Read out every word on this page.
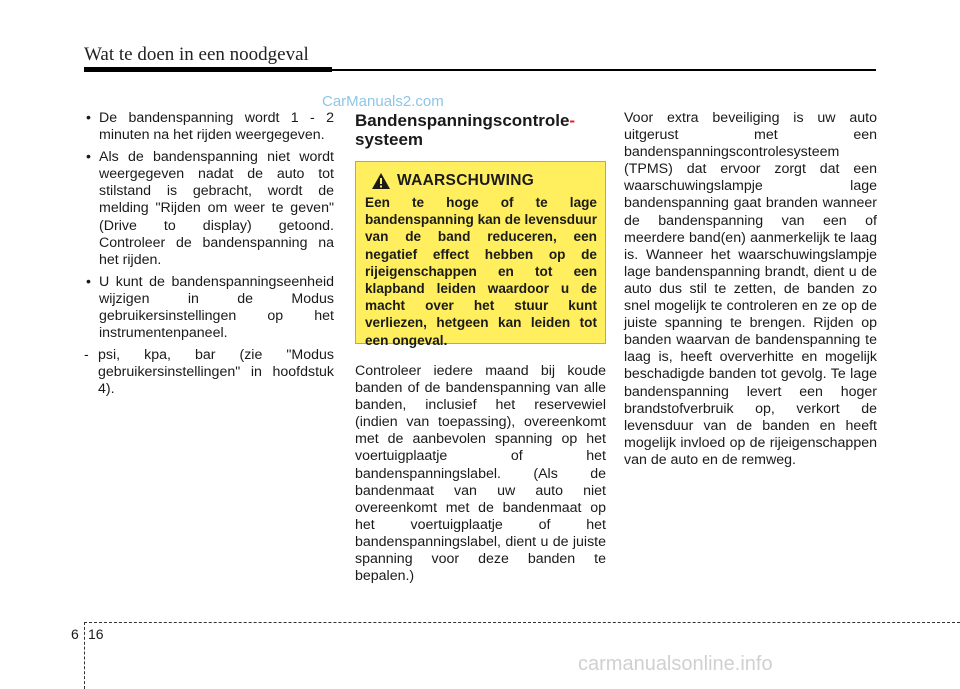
Wat te doen in een noodgeval
CarManuals2.com
• De bandenspanning wordt 1 - 2 minuten na het rijden weergegeven.
• Als de bandenspanning niet wordt weergegeven nadat de auto tot stilstand is gebracht, wordt de melding "Rijden om weer te geven" (Drive to display) getoond. Controleer de bandenspanning na het rijden.
• U kunt de bandenspanningseenheid wijzigen in de Modus gebruikersinstellingen op het instrumentenpaneel.
- psi, kpa, bar (zie "Modus gebruikersinstellingen" in hoofdstuk 4).
Bandenspanningscontrole-
systeem
WAARSCHUWING
Een te hoge of te lage bandenspanning kan de levensduur van de band reduceren, een negatief effect hebben op de rijeigenschappen en tot een klapband leiden waardoor u de macht over het stuur kunt verliezen, hetgeen kan leiden tot een ongeval.
Controleer iedere maand bij koude banden of de bandenspanning van alle banden, inclusief het reservewiel (indien van toepassing), overeenkomt met de aanbevolen spanning op het voertuigplaatje of het bandenspanningslabel. (Als de bandenmaat van uw auto niet overeenkomt met de bandenmaat op het voertuigplaatje of het bandenspanningslabel, dient u de juiste spanning voor deze banden te bepalen.)
Voor extra beveiliging is uw auto uitgerust met een bandenspanningscontrolesysteem (TPMS) dat ervoor zorgt dat een waarschuwingslampje lage bandenspanning gaat branden wanneer de bandenspanning van een of meerdere band(en) aanmerkelijk te laag is. Wanneer het waarschuwingslampje lage bandenspanning brandt, dient u de auto dus stil te zetten, de banden zo snel mogelijk te controleren en ze op de juiste spanning te brengen. Rijden op banden waarvan de bandenspanning te laag is, heeft oververhitte en mogelijk beschadigde banden tot gevolg. Te lage bandenspanning levert een hoger brandstofverbruik op, verkort de levensduur van de banden en heeft mogelijk invloed op de rijeigenschappen van de auto en de remweg.
6 16
carmanualsonline.info
